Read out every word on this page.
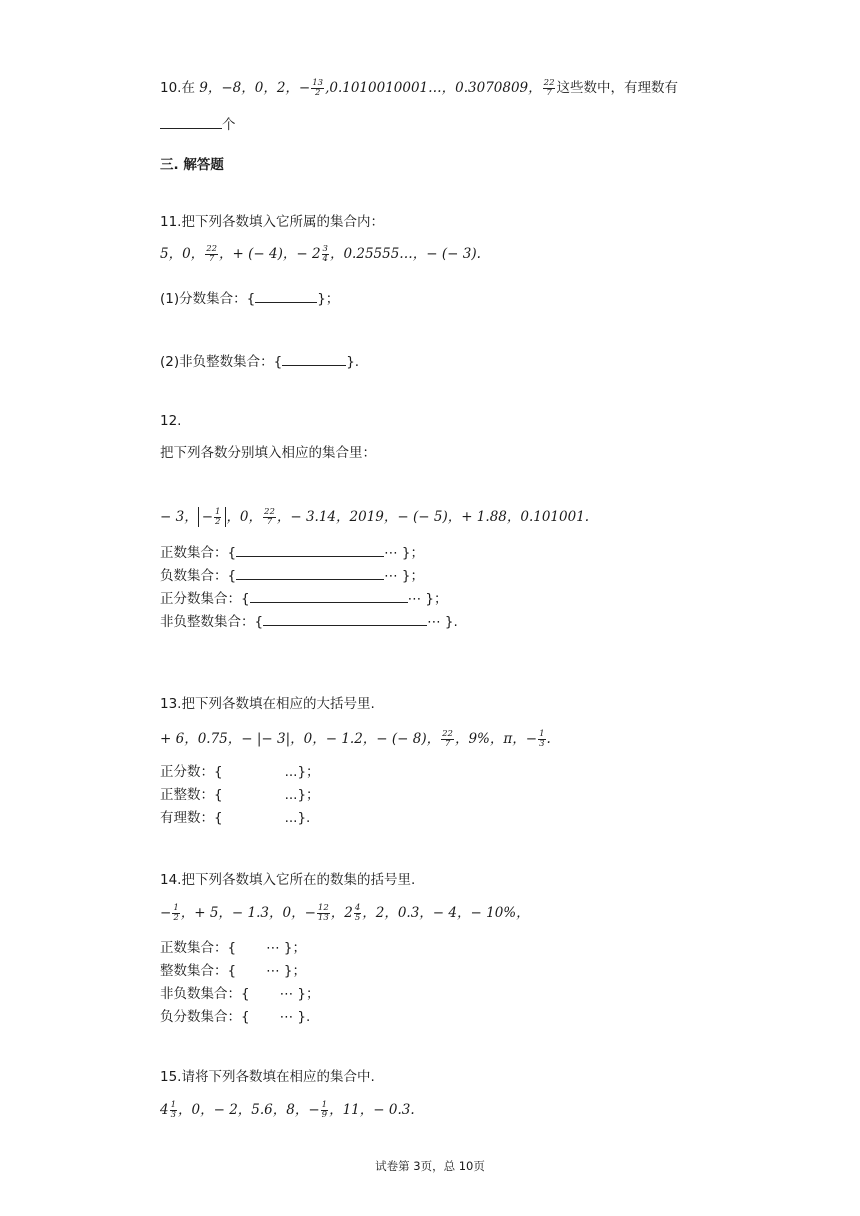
10.在 9，−8，0，2，− $\frac{13}{2}$ ,0.1010010001…，0.3070809， $\frac{22}{7}$ 这些数中，有理数有
个
三. 解答题
11.把下列各数填入它所属的集合内：
5，0， $\frac{22}{7}$ ，+ (− 4)，− $2 \frac{3}{4}$ ，0.25555…，− (− 3).
(1)分数集合：{	}；
(2)非负整数集合：{	}.
12.
把下列各数分别填入相应的集合里：
− 3， − $\frac{1}{2}$ ，0， $\frac{22}{7}$ ，− 3.14，2019，− (− 5)，+ 1.88，0.101001.
正数集合：{	⋯ }；
负数集合：{	⋯ }；
正分数集合：{	⋯ }；
非负整数集合：{	⋯ }.
13.把下列各数填在相应的大括号里.
+ 6，0.75，− |− 3|，0，− 1.2，− (− 8)， $\frac{22}{7}$ ，9%，π，− $\frac{1}{3}$ .
正分数：{	...}；
正整数：{	...}；
有理数：{	...}.
14.把下列各数填入它所在的数集的括号里.
− $\frac{1}{2}$ ，+ 5，− 1.3，0，− $\frac{12}{13}$ ，$2 \frac{4}{5}$ ，2，0.3，− 4，− 10%，
正数集合：{ ⋯ }；
整数集合：{ ⋯ }；
非负数集合：{ ⋯ }；
负分数集合：{ ⋯ }.
15.请将下列各数填在相应的集合中.
$4 \frac{1}{3}$ ，0，− 2，5.6，8，− $\frac{1}{9}$ ，11，− 0.3.
试卷第 3页，总 10页
